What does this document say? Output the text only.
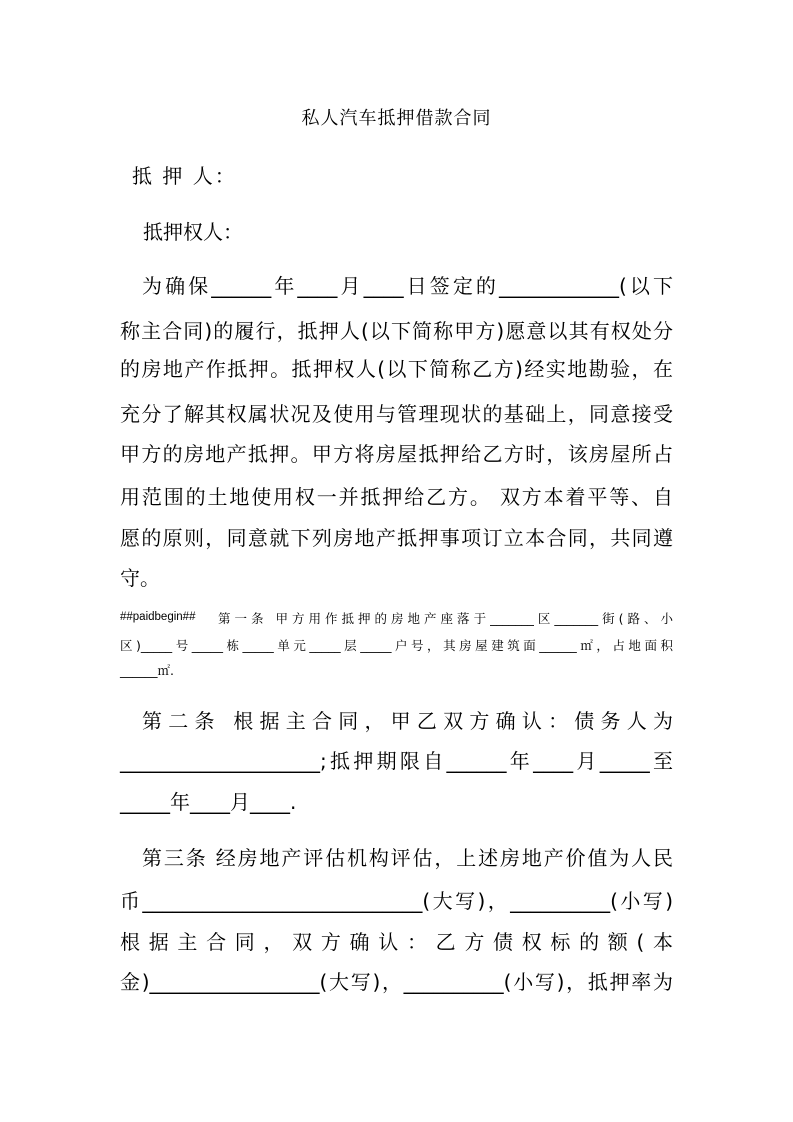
私人汽车抵押借款合同
抵 押 人：
抵押权人：
为确保______年____月____日签定的____________(以下
称主合同)的履行，抵押人(以下简称甲方)愿意以其有权处分
的房地产作抵押。抵押权人(以下简称乙方)经实地勘验，在
充分了解其权属状况及使用与管理现状的基础上，同意接受
甲方的房地产抵押。甲方将房屋抵押给乙方时，该房屋所占
用范围的土地使用权一并抵押给乙方。 双方本着平等、自
愿的原则，同意就下列房地产抵押事项订立本合同，共同遵
守。
##paidbegin## 第一条 甲方用作抵押的房地产座落于_______区_______街(路、小
区)_____号_____栋_____单元_____层_____户号，其房屋建筑面______㎡，占地面积
______㎡.
第二条 根据主合同，甲乙双方确认：债务人为
____________________;抵押期限自______年____月_____至
_____年____月____.
第三条 经房地产评估机构评估，上述房地产价值为人民
币____________________________(大写)，__________(小写)
根据主合同，双方确认：乙方债权标的额(本
金)_________________(大写)，__________(小写)，抵押率为
